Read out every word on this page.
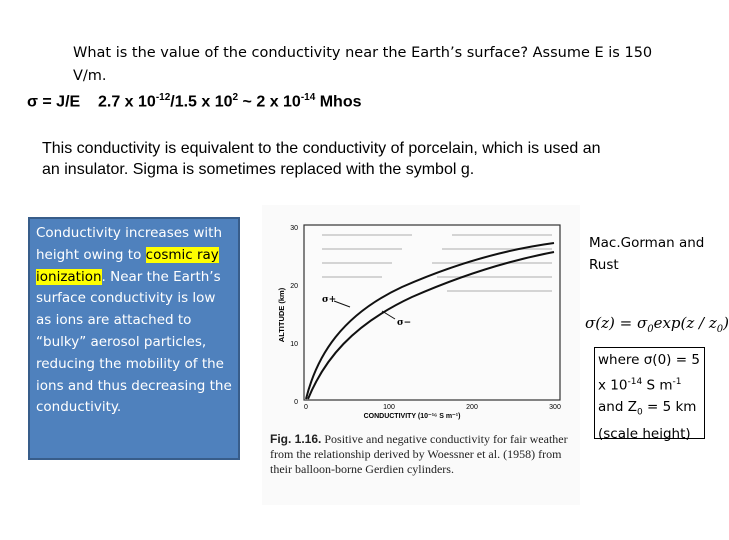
What is the value of the conductivity near the Earth’s surface? Assume E is 150 V/m.
σ = J/E 2.7 x $10^{-12}/1.5$ x $10^2$ ~ 2 x $10^{-14}$ Mhos
This conductivity is equivalent to the conductivity of porcelain, which is used an an insulator. Sigma is sometimes replaced with the symbol g.
Conductivity increases with height owing to cosmic ray ionization. Near the Earth’s surface conductivity is low as ions are attached to “bulky” aerosol particles, reducing the mobility of the ions and thus decreasing the conductivity.	0
10
20
30
0	100	200	300
ALTITUDE (km)
CONDUCTIVITY (10⁻¹⁶ S m⁻¹)
σ+
σ−
Fig. 1.16. Positive and negative conductivity for fair weather from the relationship derived by Woessner et al. (1958) from their balloon-borne Gerdien cylinders.
Mac.Gorman and Rust
$\sigma(z) = \sigma_0\exp(z / z_0)$
where σ(0) = 5 x $10^{-14}$ S $m^{-1}$ and $Z_0 = 5$ km (scale height)
